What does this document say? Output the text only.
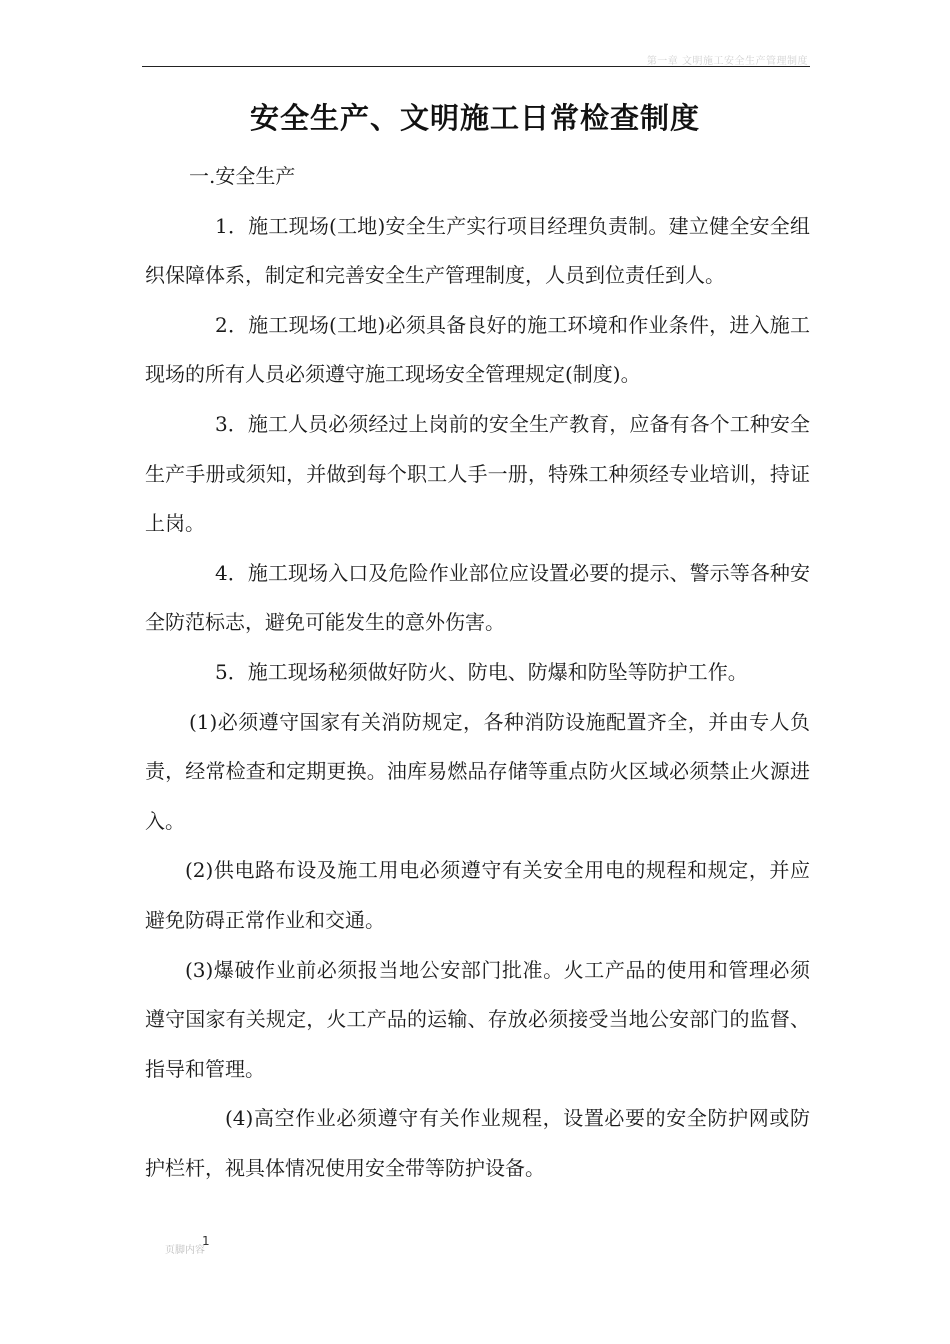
第一章 文明施工安全生产管理制度
安全生产、文明施工日常检查制度

一.安全生产

1．施工现场(工地)安全生产实行项目经理负责制。建立健全安全组织保障体系，制定和完善安全生产管理制度，人员到位责任到人。

2．施工现场(工地)必须具备良好的施工环境和作业条件，进入施工现场的所有人员必须遵守施工现场安全管理规定(制度)。

3．施工人员必须经过上岗前的安全生产教育，应备有各个工种安全生产手册或须知，并做到每个职工人手一册，特殊工种须经专业培训，持证上岗。

4．施工现场入口及危险作业部位应设置必要的提示、警示等各种安全防范标志，避免可能发生的意外伤害。

5．施工现场秘须做好防火、防电、防爆和防坠等防护工作。

(1)必须遵守国家有关消防规定，各种消防设施配置齐全，并由专人负责，经常检查和定期更换。油库易燃品存储等重点防火区域必须禁止火源进入。

(2)供电路布设及施工用电必须遵守有关安全用电的规程和规定，并应避免防碍正常作业和交通。

(3)爆破作业前必须报当地公安部门批准。火工产品的使用和管理必须遵守国家有关规定，火工产品的运输、存放必须接受当地公安部门的监督、指导和管理。

(4)高空作业必须遵守有关作业规程，设置必要的安全防护网或防护栏杆，视具体情况使用安全带等防护设备。

页脚内容
1
